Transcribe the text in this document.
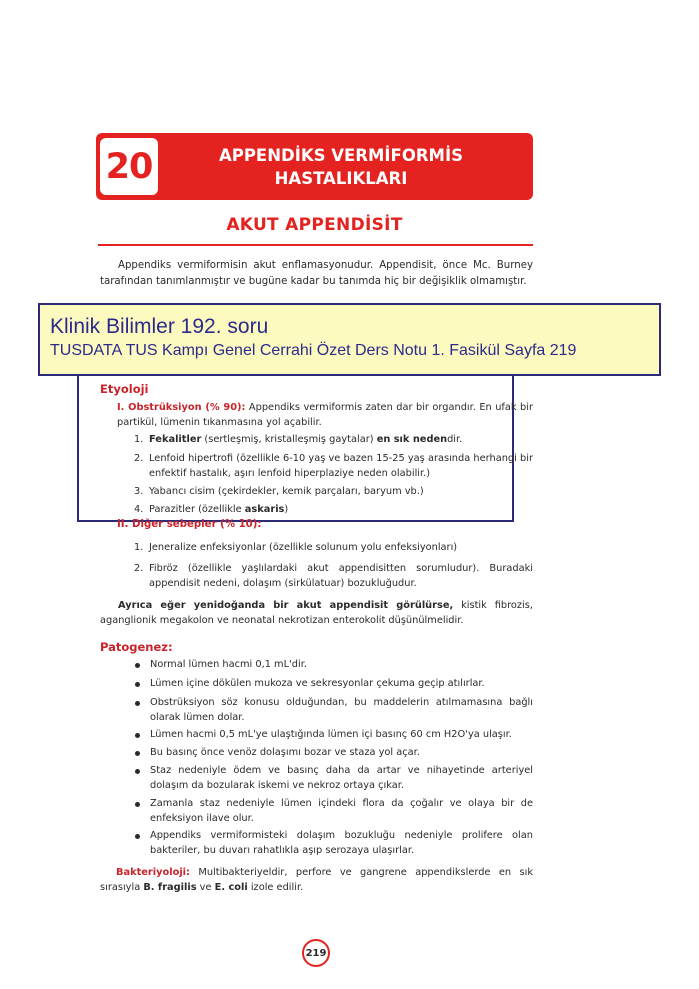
20	APPENDİKS VERMİFORMİS
HASTALIKLARI
AKUT APPENDİSİT

Appendiks vermiformisin akut enflamasyonudur. Appendisit, önce Mc. Burney tarafından tanımlanmıştır ve bugüne kadar bu tanımda hiç bir değişiklik olmamıştır.

Etyoloji
I. Obstrüksiyon (% 90): Appendiks vermiformis zaten dar bir organdır. En ufak bir partikül, lümenin tıkanmasına yol açabilir.
1. Fekalitler (sertleşmiş, kristalleşmiş gaytalar) en sık nedendir.
2. Lenfoid hipertrofi (özellikle 6-10 yaş ve bazen 15-25 yaş arasında herhangi bir enfektif hastalık, aşırı lenfoid hiperplaziye neden olabilir.)
3. Yabancı cisim (çekirdekler, kemik parçaları, baryum vb.)
4. Parazitler (özellikle askaris)
II. Diğer sebepler (% 10):
1. Jeneralize enfeksiyonlar (özellikle solunum yolu enfeksiyonları)
2. Fibröz (özellikle yaşlılardaki akut appendisitten sorumludur). Buradaki appendisit nedeni, dolaşım (sirkülatuar) bozukluğudur.
Ayrıca eğer yenidoğanda bir akut appendisit görülürse, kistik fibrozis, aganglionik megakolon ve neonatal nekrotizan enterokolit düşünülmelidir.
Patogenez:
Normal lümen hacmi 0,1 mL'dir.
Lümen içine dökülen mukoza ve sekresyonlar çekuma geçip atılırlar.
Obstrüksiyon söz konusu olduğundan, bu maddelerin atılmamasına bağlı olarak lümen dolar.
Lümen hacmi 0,5 mL'ye ulaştığında lümen içi basınç 60 cm H2O'ya ulaşır.
Bu basınç önce venöz dolaşımı bozar ve staza yol açar.
Staz nedeniyle ödem ve basınç daha da artar ve nihayetinde arteriyel dolaşım da bozularak iskemi ve nekroz ortaya çıkar.
Zamanla staz nedeniyle lümen içindeki flora da çoğalır ve olaya bir de enfeksiyon ilave olur.
Appendiks vermiformisteki dolaşım bozukluğu nedeniyle prolifere olan bakteriler, bu duvarı rahatlıkla aşıp serozaya ulaşırlar.
Bakteriyoloji: Multibakteriyeldir, perfore ve gangrene appendikslerde en sık sırasıyla B. fragilis ve E. coli izole edilir.
Klinik Bilimler 192. soru
TUSDATA TUS Kampı Genel Cerrahi Özet Ders Notu 1. Fasikül Sayfa 219
219
